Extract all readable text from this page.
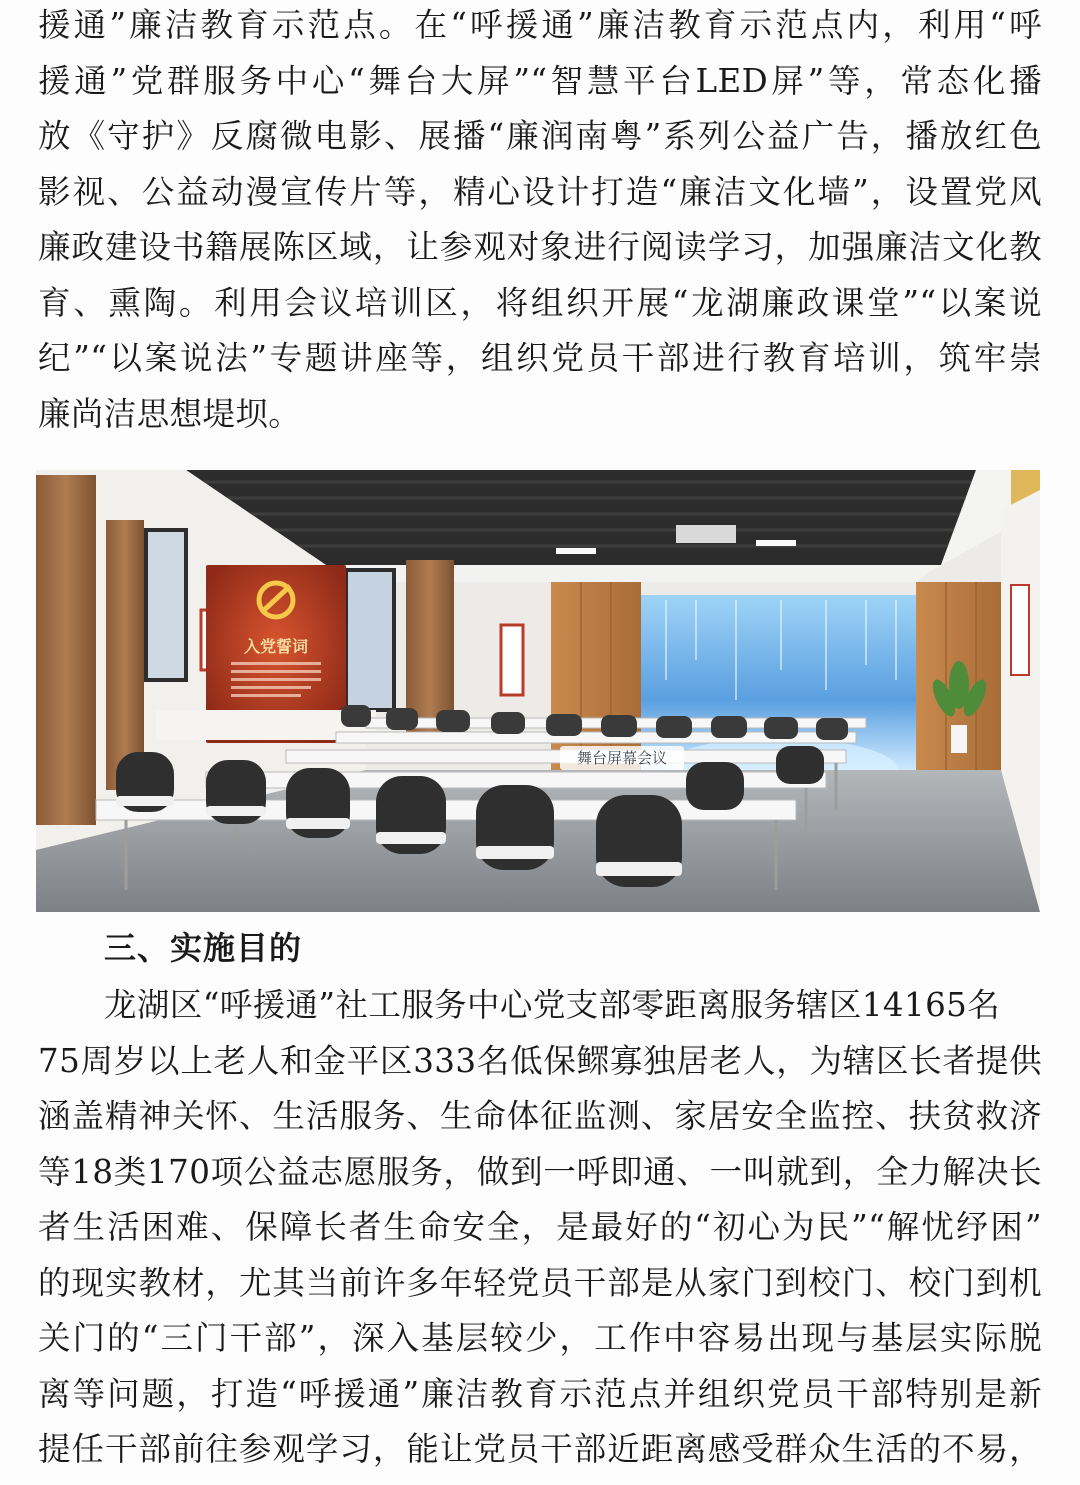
援通”廉洁教育示范点。在“呼援通”廉洁教育示范点内，利用“呼
援通”党群服务中心“舞台大屏”“智慧平台LED屏”等，常态化播
放《守护》反腐微电影、展播“廉润南粤”系列公益广告，播放红色
影视、公益动漫宣传片等，精心设计打造“廉洁文化墙”，设置党风
廉政建设书籍展陈区域，让参观对象进行阅读学习，加强廉洁文化教
育、熏陶。利用会议培训区，将组织开展“龙湖廉政课堂”“以案说
纪”“以案说法”专题讲座等，组织党员干部进行教育培训，筑牢崇
廉尚洁思想堤坝。
入党誓词
舞台屏幕会议
三、实施目的
龙湖区“呼援通”社工服务中心党支部零距离服务辖区14165名
75周岁以上老人和金平区333名低保鳏寡独居老人，为辖区长者提供
涵盖精神关怀、生活服务、生命体征监测、家居安全监控、扶贫救济
等18类170项公益志愿服务，做到一呼即通、一叫就到，全力解决长
者生活困难、保障长者生命安全，是最好的“初心为民”“解忧纾困”
的现实教材，尤其当前许多年轻党员干部是从家门到校门、校门到机
关门的“三门干部”，深入基层较少，工作中容易出现与基层实际脱
离等问题，打造“呼援通”廉洁教育示范点并组织党员干部特别是新
提任干部前往参观学习，能让党员干部近距离感受群众生活的不易，
